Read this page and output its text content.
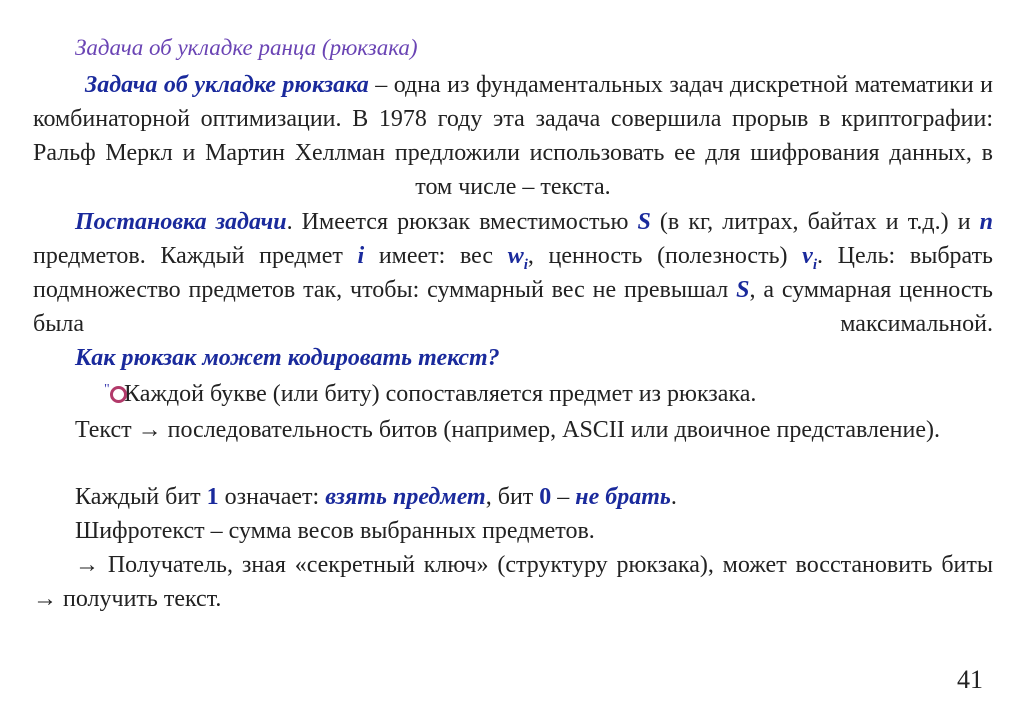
Задача об укладке ранца (рюкзака)
Задача об укладке рюкзака – одна из фундаментальных задач дискретной математики и комбинаторной оптимизации. В 1978 году эта задача совершила прорыв в криптографии: Ральф Меркл и Мартин Хеллман предложили использовать ее для шифрования данных, в том числе – текста.
Постановка задачи. Имеется рюкзак вместимостью S (в кг, литрах, байтах и т.д.) и n предметов. Каждый предмет i имеет: вес $w_i$, ценность (полезность) $v_i$. Цель: выбрать подмножество предметов так, чтобы: суммарный вес не превышал S, а суммарная ценность была максимальной.
Как рюкзак может кодировать текст?
" Каждой букве (или биту) сопоставляется предмет из рюкзака.
Текст → последовательность битов (например, ASCII или двоичное представление).
Каждый бит 1 означает: взять предмет, бит 0 – не брать.
Шифротекст – сумма весов выбранных предметов.
→ Получатель, зная «секретный ключ» (структуру рюкзака), может восстановить биты → получить текст.
41
